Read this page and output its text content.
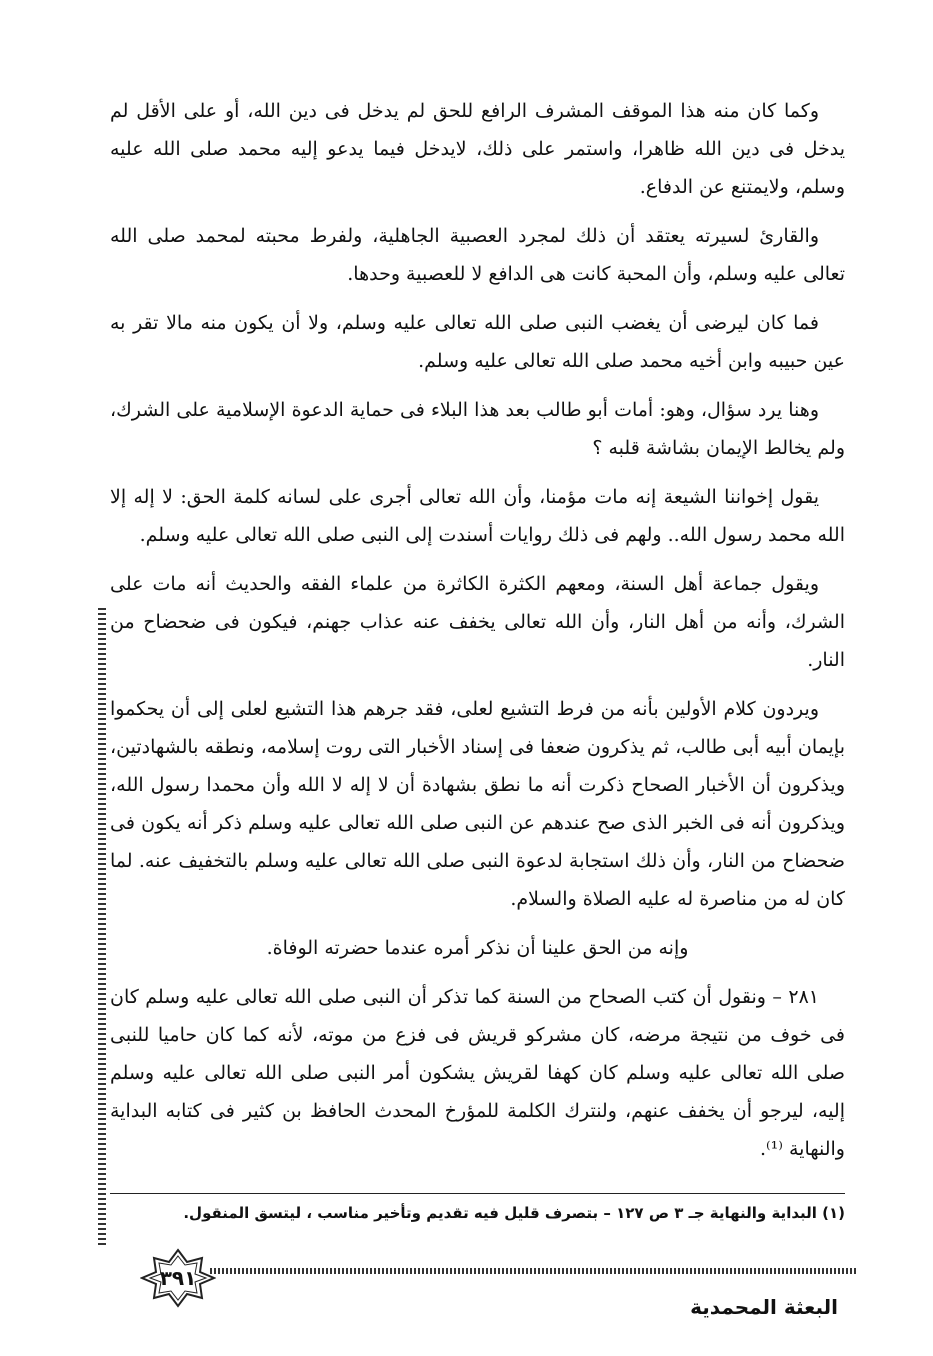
وكما كان منه هذا الموقف المشرف الرافع للحق لم يدخل فى دين الله، أو على الأقل لم يدخل فى دين الله ظاهرا، واستمر على ذلك، لايدخل فيما يدعو إليه محمد صلى الله عليه وسلم، ولايمتنع عن الدفاع.

والقارئ لسيرته يعتقد أن ذلك لمجرد العصبية الجاهلية، ولفرط محبته لمحمد صلى الله تعالى عليه وسلم، وأن المحبة كانت هى الدافع لا للعصبية وحدها.

فما كان ليرضى أن يغضب النبى صلى الله تعالى عليه وسلم، ولا أن يكون منه مالا تقر به عين حبيبه وابن أخيه محمد صلى الله تعالى عليه وسلم.

وهنا يرد سؤال، وهو: أمات أبو طالب بعد هذا البلاء فى حماية الدعوة الإسلامية على الشرك، ولم يخالط الإيمان بشاشة قلبه ؟

يقول إخواننا الشيعة إنه مات مؤمنا، وأن الله تعالى أجرى على لسانه كلمة الحق: لا إله إلا الله محمد رسول الله.. ولهم فى ذلك روايات أسندت إلى النبى صلى الله تعالى عليه وسلم.

ويقول جماعة أهل السنة، ومعهم الكثرة الكاثرة من علماء الفقه والحديث أنه مات على الشرك، وأنه من أهل النار، وأن الله تعالى يخفف عنه عذاب جهنم، فيكون فى ضحضاح من النار.

ويردون كلام الأولين بأنه من فرط التشيع لعلى، فقد جرهم هذا التشيع لعلى إلى أن يحكموا بإيمان أبيه أبى طالب، ثم يذكرون ضعفا فى إسناد الأخبار التى روت إسلامه، ونطقه بالشهادتين، ويذكرون أن الأخبار الصحاح ذكرت أنه ما نطق بشهادة أن لا إله لا الله وأن محمدا رسول الله، ويذكرون أنه فى الخبر الذى صح عندهم عن النبى صلى الله تعالى عليه وسلم ذكر أنه يكون فى ضحضاح من النار، وأن ذلك استجابة لدعوة النبى صلى الله تعالى عليه وسلم بالتخفيف عنه. لما كان له من مناصرة له عليه الصلاة والسلام.

وإنه من الحق علينا أن نذكر أمره عندما حضرته الوفاة.

٢٨١ – ونقول أن كتب الصحاح من السنة كما تذكر أن النبى صلى الله تعالى عليه وسلم كان فى خوف من نتيجة مرضه، كان مشركو قريش فى فزع من موته، لأنه كما كان حاميا للنبى صلى الله تعالى عليه وسلم كان كهفا لقريش يشكون أمر النبى صلى الله تعالى عليه وسلم إليه، ليرجو أن يخفف عنهم، ولنترك الكلمة للمؤرخ المحدث الحافظ بن كثير فى كتابه البداية والنهاية ⁽¹⁾.

(١) البداية والنهاية جـ ٣ ص ١٢٧ – بتصرف قليل فيه تقديم وتأخير مناسب ، ليتسق المنقول.
٣٩١
البعثة المحمدية
